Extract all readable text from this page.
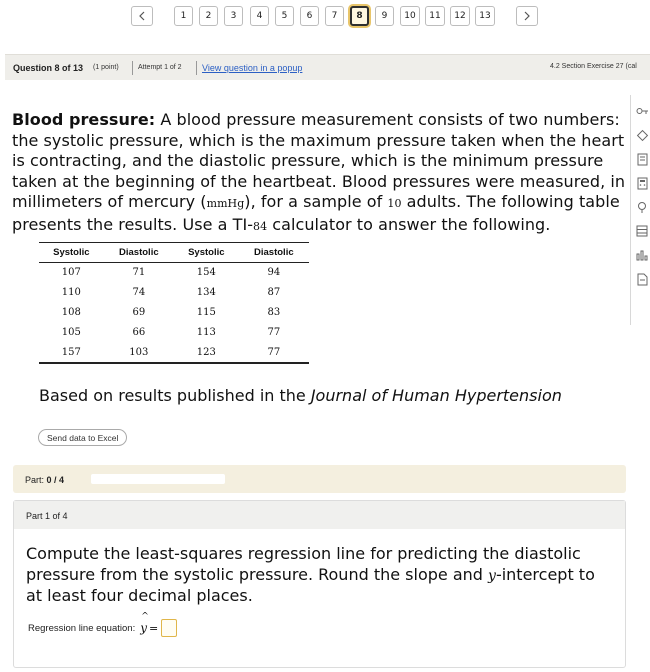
1	2	3	4	5	6	7	8	9	10	11	12	13
Question 8 of 13 (1 point)	Attempt 1 of 2 View question in a popup	4.2 Section Exercise 27 (cal
Blood pressure: A blood pressure measurement consists of two numbers: the systolic pressure, which is the maximum pressure taken when the heart is contracting, and the diastolic pressure, which is the minimum pressure taken at the beginning of the heartbeat. Blood pressures were measured, in millimeters of mercury (mmHg), for a sample of 10 adults. The following table presents the results. Use a TI-84 calculator to answer the following.
Systolic	Diastolic	Systolic	Diastolic
107	71	154	94
110	74	134	87
108	69	115	83
105	66	113	77
157	103	123	77
Based on results published in the Journal of Human Hypertension
Send data to Excel
Part: 0 / 4
Part 1 of 4
Compute the least-squares regression line for predicting the diastolic pressure from the systolic pressure. Round the slope and y-intercept to at least four decimal places.
Regression line equation:
^
y =
